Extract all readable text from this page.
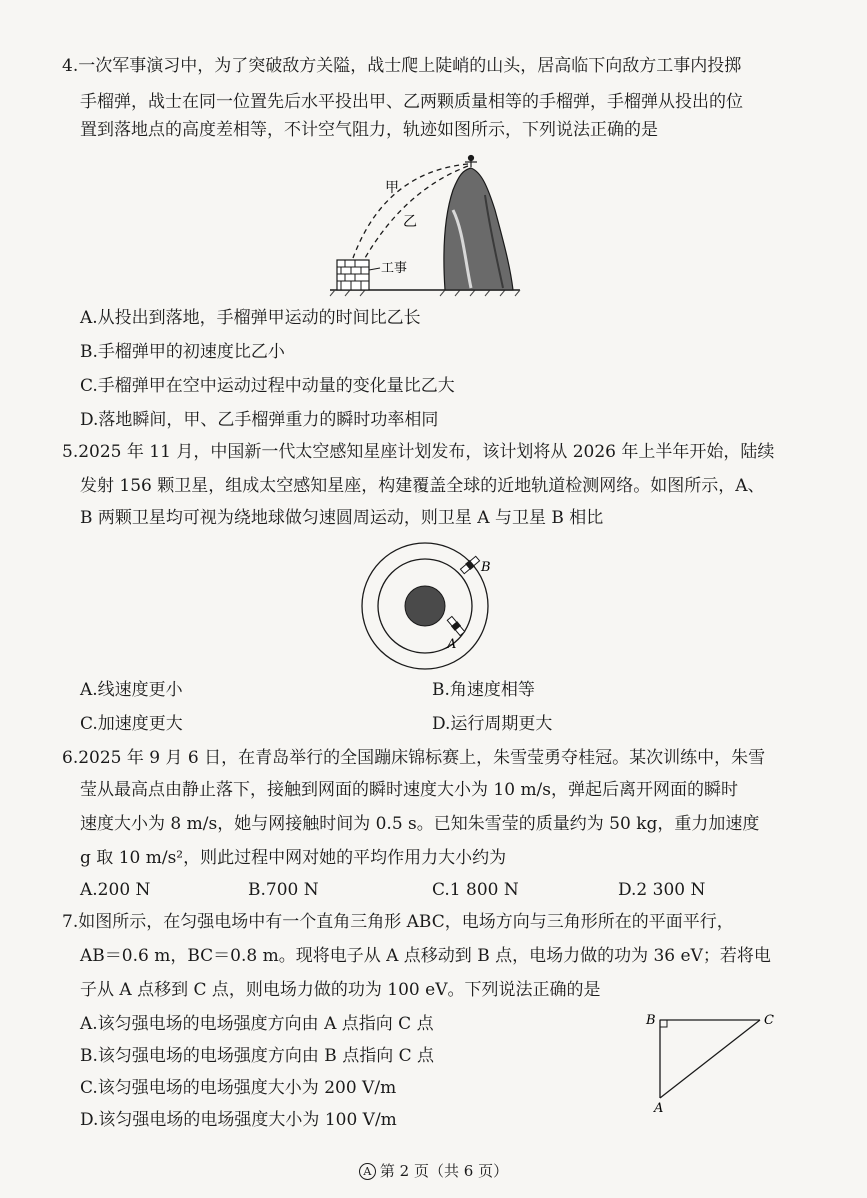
4.一次军事演习中，为了突破敌方关隘，战士爬上陡峭的山头，居高临下向敌方工事内投掷
手榴弹，战士在同一位置先后水平投出甲、乙两颗质量相等的手榴弹，手榴弹从投出的位
置到落地点的高度差相等，不计空气阻力，轨迹如图所示，下列说法正确的是
甲
乙
工事
A.从投出到落地，手榴弹甲运动的时间比乙长
B.手榴弹甲的初速度比乙小
C.手榴弹甲在空中运动过程中动量的变化量比乙大
D.落地瞬间，甲、乙手榴弹重力的瞬时功率相同
5.2025 年 11 月，中国新一代太空感知星座计划发布，该计划将从 2026 年上半年开始，陆续
发射 156 颗卫星，组成太空感知星座，构建覆盖全球的近地轨道检测网络。如图所示，A、
B 两颗卫星均可视为绕地球做匀速圆周运动，则卫星 A 与卫星 B 相比
B
A
A.线速度更小	B.角速度相等
C.加速度更大	D.运行周期更大
6.2025 年 9 月 6 日，在青岛举行的全国蹦床锦标赛上，朱雪莹勇夺桂冠。某次训练中，朱雪
莹从最高点由静止落下，接触到网面的瞬时速度大小为 10 m/s，弹起后离开网面的瞬时
速度大小为 8 m/s，她与网接触时间为 0.5 s。已知朱雪莹的质量约为 50 kg，重力加速度
g 取 10 m/s²，则此过程中网对她的平均作用力大小约为
A.200 N	B.700 N	C.1 800 N	D.2 300 N
7.如图所示，在匀强电场中有一个直角三角形 ABC，电场方向与三角形所在的平面平行，
AB＝0.6 m，BC＝0.8 m。现将电子从 A 点移动到 B 点，电场力做的功为 36 eV；若将电
子从 A 点移到 C 点，则电场力做的功为 100 eV。下列说法正确的是
A.该匀强电场的电场强度方向由 A 点指向 C 点
B.该匀强电场的电场强度方向由 B 点指向 C 点
C.该匀强电场的电场强度大小为 200 V/m
D.该匀强电场的电场强度大小为 100 V/m
B	C
A
A 第 2 页（共 6 页）
